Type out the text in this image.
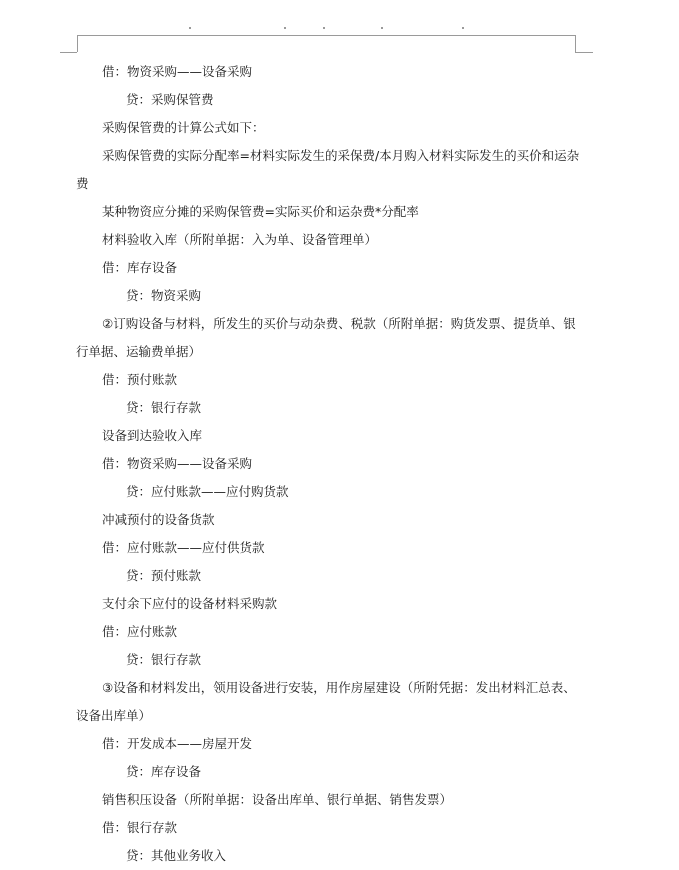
借：物资采购——设备采购
贷：采购保管费
采购保管费的计算公式如下：
采购保管费的实际分配率=材料实际发生的采保费/本月购入材料实际发生的买价和运杂费
某种物资应分摊的采购保管费=实际买价和运杂费*分配率
材料验收入库（所附单据：入为单、设备管理单）
借：库存设备
贷：物资采购
②订购设备与材料，所发生的买价与动杂费、税款（所附单据：购货发票、提货单、银行单据、运输费单据）
借：预付账款
贷：银行存款
设备到达验收入库
借：物资采购——设备采购
贷：应付账款——应付购货款
冲减预付的设备货款
借：应付账款——应付供货款
贷：预付账款
支付余下应付的设备材料采购款
借：应付账款
贷：银行存款
③设备和材料发出，领用设备进行安装，用作房屋建设（所附凭据：发出材料汇总表、设备出库单）
借：开发成本——房屋开发
贷：库存设备
销售积压设备（所附单据：设备出库单、银行单据、销售发票）
借：银行存款
贷：其他业务收入
